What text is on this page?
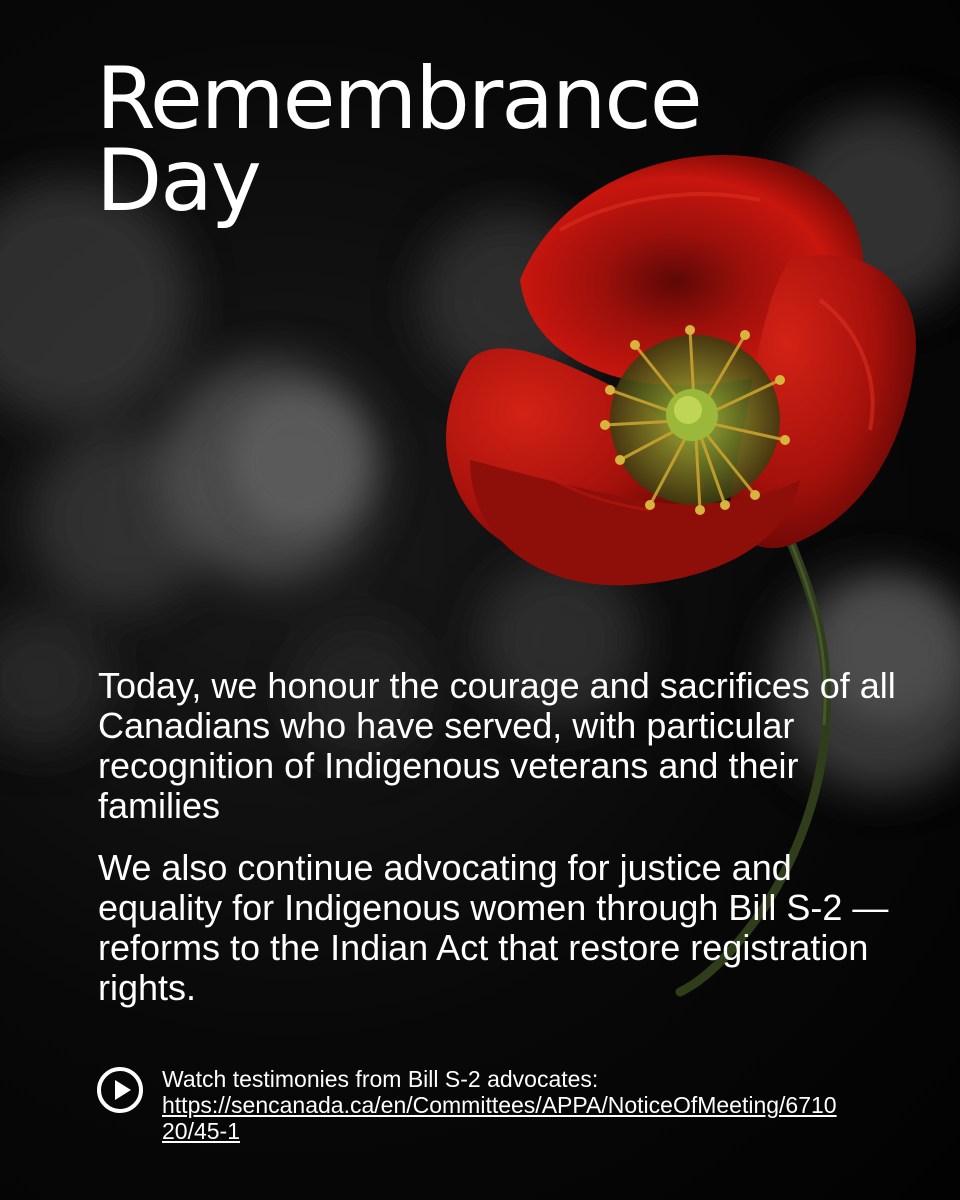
Remembrance
Day

Today, we honour the courage and sacrifices of all Canadians who have served, with particular recognition of Indigenous veterans and their families

We also continue advocating for justice and equality for Indigenous women through Bill S-2 — reforms to the Indian Act that restore registration rights.

Watch testimonies from Bill S-2 advocates:
https://sencanada.ca/en/Committees/APPA/NoticeOfMeeting/671020/45-1
